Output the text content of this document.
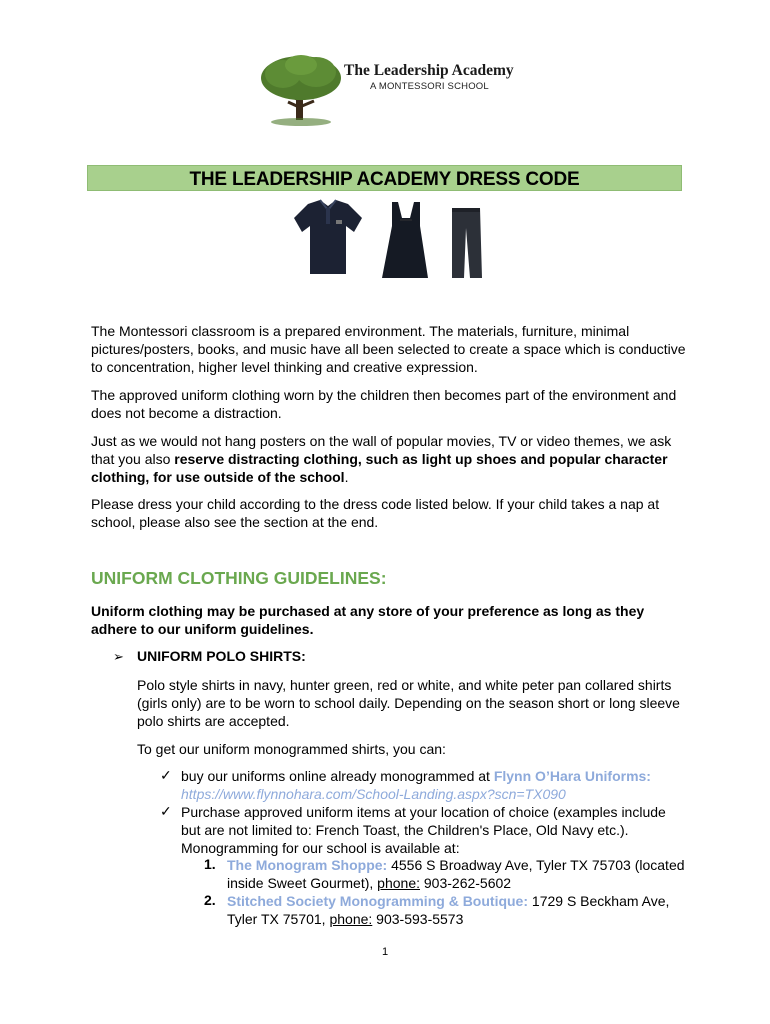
The Leadership Academy
A MONTESSORI SCHOOL
THE LEADERSHIP ACADEMY DRESS CODE
The Montessori classroom is a prepared environment. The materials, furniture, minimal pictures/posters, books, and music have all been selected to create a space which is conductive to concentration, higher level thinking and creative expression.
The approved uniform clothing worn by the children then becomes part of the environment and does not become a distraction.
Just as we would not hang posters on the wall of popular movies, TV or video themes, we ask that you also reserve distracting clothing, such as light up shoes and popular character clothing, for use outside of the school.
Please dress your child according to the dress code listed below. If your child takes a nap at school, please also see the section at the end.
UNIFORM CLOTHING GUIDELINES:
Uniform clothing may be purchased at any store of your preference as long as they adhere to our uniform guidelines.
➢ UNIFORM POLO SHIRTS:
Polo style shirts in navy, hunter green, red or white, and white peter pan collared shirts (girls only) are to be worn to school daily. Depending on the season short or long sleeve polo shirts are accepted.
To get our uniform monogrammed shirts, you can:
✓ buy our uniforms online already monogrammed at Flynn O’Hara Uniforms:
https://www.flynnohara.com/School-Landing.aspx?scn=TX090
✓ Purchase approved uniform items at your location of choice (examples include but are not limited to: French Toast, the Children's Place, Old Navy etc.). Monogramming for our school is available at:
1. The Monogram Shoppe: 4556 S Broadway Ave, Tyler TX 75703 (located inside Sweet Gourmet), phone: 903-262-5602
2. Stitched Society Monogramming & Boutique: 1729 S Beckham Ave, Tyler TX 75701, phone: 903-593-5573
1
